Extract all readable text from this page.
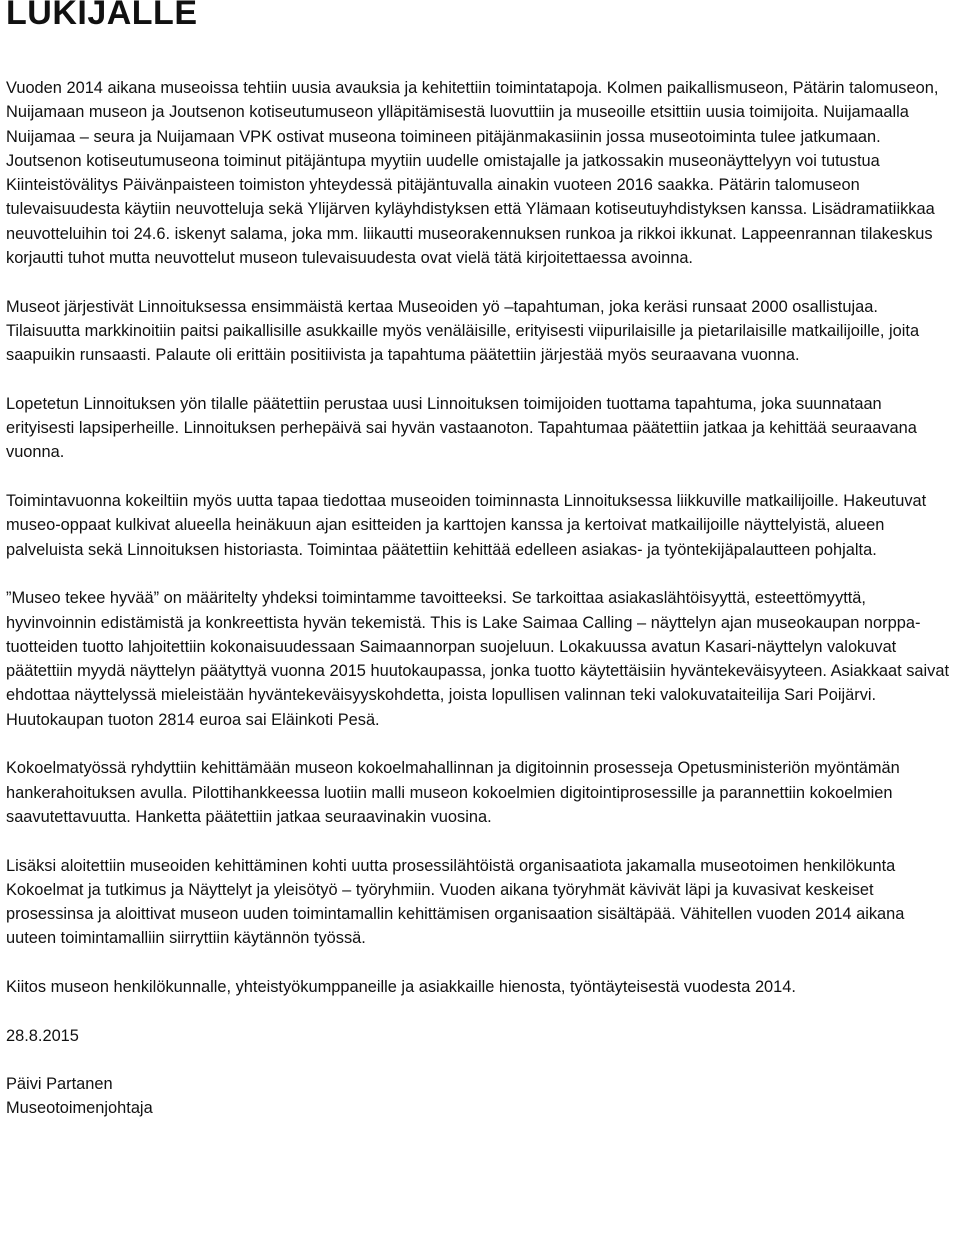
LUKIJALLE

Vuoden 2014 aikana museoissa tehtiin uusia avauksia ja kehitettiin toimintatapoja. Kolmen paikallismuseon, Pätärin talomuseon, Nuijamaan museon ja Joutsenon kotiseutumuseon ylläpitämisestä luovuttiin ja museoille etsittiin uusia toimijoita. Nuijamaalla Nuijamaa – seura ja Nuijamaan VPK ostivat museona toimineen pitäjänmakasiinin jossa museotoiminta tulee jatkumaan. Joutsenon kotiseutumuseona toiminut pitäjäntupa myytiin uudelle omistajalle ja jatkossakin museonäyttelyyn voi tutustua Kiinteistövälitys Päivänpaisteen toimiston yhteydessä pitäjäntuvalla ainakin vuoteen 2016 saakka. Pätärin talomuseon tulevaisuudesta käytiin neuvotteluja sekä Ylijärven kyläyhdistyksen että Ylämaan kotiseutuyhdistyksen kanssa. Lisädramatiikkaa neuvotteluihin toi 24.6. iskenyt salama, joka mm. liikautti museorakennuksen runkoa ja rikkoi ikkunat. Lappeenrannan tilakeskus korjautti tuhot mutta neuvottelut museon tulevaisuudesta ovat vielä tätä kirjoitettaessa avoinna.

Museot järjestivät Linnoituksessa ensimmäistä kertaa Museoiden yö –tapahtuman, joka keräsi runsaat 2000 osallistujaa. Tilaisuutta markkinoitiin paitsi paikallisille asukkaille myös venäläisille, erityisesti viipurilaisille ja pietarilaisille matkailijoille, joita saapuikin runsaasti. Palaute oli erittäin positiivista ja tapahtuma päätettiin järjestää myös seuraavana vuonna.

Lopetetun Linnoituksen yön tilalle päätettiin perustaa uusi Linnoituksen toimijoiden tuottama tapahtuma, joka suunnataan erityisesti lapsiperheille. Linnoituksen perhepäivä sai hyvän vastaanoton. Tapahtumaa päätettiin jatkaa ja kehittää seuraavana vuonna.

Toimintavuonna kokeiltiin myös uutta tapaa tiedottaa museoiden toiminnasta Linnoituksessa liikkuville matkailijoille. Hakeutuvat museo-oppaat kulkivat alueella heinäkuun ajan esitteiden ja karttojen kanssa ja kertoivat matkailijoille näyttelyistä, alueen palveluista sekä Linnoituksen historiasta. Toimintaa päätettiin kehittää edelleen asiakas- ja työntekijäpalautteen pohjalta.

”Museo tekee hyvää” on määritelty yhdeksi toimintamme tavoitteeksi. Se tarkoittaa asiakaslähtöisyyttä, esteettömyyttä, hyvinvoinnin edistämistä ja konkreettista hyvän tekemistä. This is Lake Saimaa Calling – näyttelyn ajan museokaupan norppa-tuotteiden tuotto lahjoitettiin kokonaisuudessaan Saimaannorpan suojeluun. Lokakuussa avatun Kasari-näyttelyn valokuvat päätettiin myydä näyttelyn päätyttyä vuonna 2015 huutokaupassa, jonka tuotto käytettäisiin hyväntekeväisyyteen. Asiakkaat saivat ehdottaa näyttelyssä mieleistään hyväntekeväisyyskohdetta, joista lopullisen valinnan teki valokuvataiteilija Sari Poijärvi. Huutokaupan tuoton 2814 euroa sai Eläinkoti Pesä.

Kokoelmatyössä ryhdyttiin kehittämään museon kokoelmahallinnan ja digitoinnin prosesseja Opetusministeriön myöntämän hankerahoituksen avulla. Pilottihankkeessa luotiin malli museon kokoelmien digitointiprosessille ja parannettiin kokoelmien saavutettavuutta. Hanketta päätettiin jatkaa seuraavinakin vuosina.

Lisäksi aloitettiin museoiden kehittäminen kohti uutta prosessilähtöistä organisaatiota jakamalla museotoimen henkilökunta Kokoelmat ja tutkimus ja Näyttelyt ja yleisötyö – työryhmiin. Vuoden aikana työryhmät kävivät läpi ja kuvasivat keskeiset prosessinsa ja aloittivat museon uuden toimintamallin kehittämisen organisaation sisältäpää. Vähitellen vuoden 2014 aikana uuteen toimintamalliin siirryttiin käytännön työssä.

Kiitos museon henkilökunnalle, yhteistyökumppaneille ja asiakkaille hienosta, työntäyteisestä vuodesta 2014.

28.8.2015

Päivi Partanen
Museotoimenjohtaja
